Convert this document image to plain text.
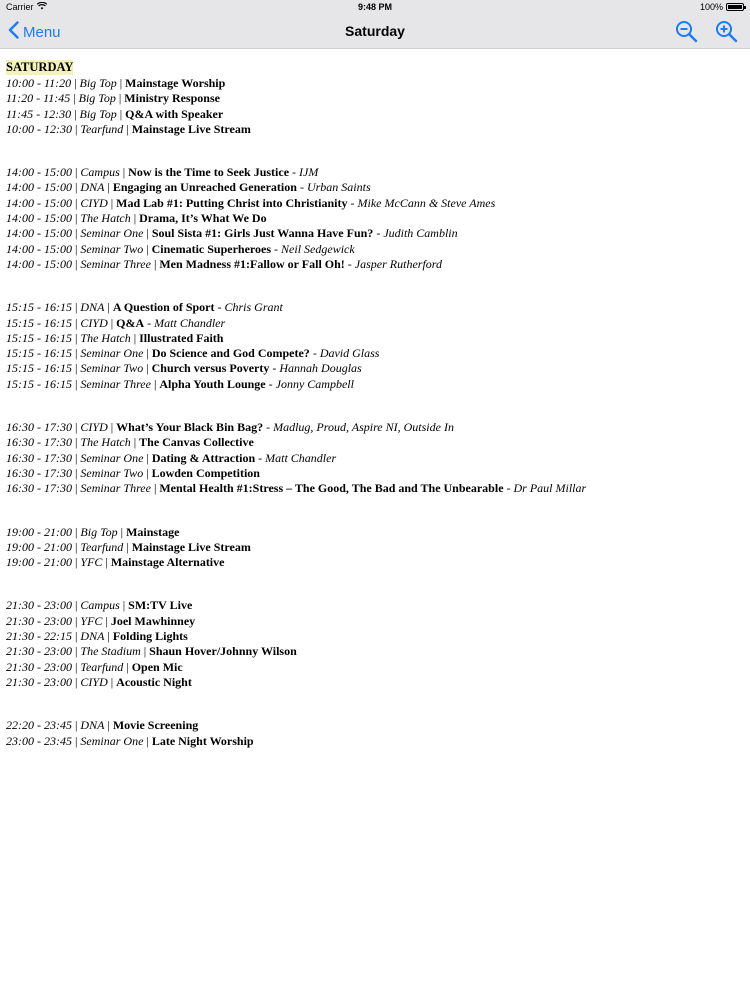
Carrier	9:48 PM	100%
Menu	Saturday
SATURDAY
10:00 - 11:20 | Big Top | Mainstage Worship
11:20 - 11:45 | Big Top | Ministry Response
11:45 - 12:30 | Big Top | Q&A with Speaker
10:00 - 12:30 | Tearfund | Mainstage Live Stream
14:00 - 15:00 | Campus | Now is the Time to Seek Justice - IJM
14:00 - 15:00 | DNA | Engaging an Unreached Generation - Urban Saints
14:00 - 15:00 | CIYD | Mad Lab #1: Putting Christ into Christianity - Mike McCann & Steve Ames
14:00 - 15:00 | The Hatch | Drama, It’s What We Do
14:00 - 15:00 | Seminar One | Soul Sista #1: Girls Just Wanna Have Fun? - Judith Camblin
14:00 - 15:00 | Seminar Two | Cinematic Superheroes - Neil Sedgewick
14:00 - 15:00 | Seminar Three | Men Madness #1:Fallow or Fall Oh! - Jasper Rutherford
15:15 - 16:15 | DNA | A Question of Sport - Chris Grant
15:15 - 16:15 | CIYD | Q&A - Matt Chandler
15:15 - 16:15 | The Hatch | Illustrated Faith
15:15 - 16:15 | Seminar One | Do Science and God Compete? - David Glass
15:15 - 16:15 | Seminar Two | Church versus Poverty - Hannah Douglas
15:15 - 16:15 | Seminar Three | Alpha Youth Lounge - Jonny Campbell
16:30 - 17:30 | CIYD | What’s Your Black Bin Bag? - Madlug, Proud, Aspire NI, Outside In
16:30 - 17:30 | The Hatch | The Canvas Collective
16:30 - 17:30 | Seminar One | Dating & Attraction - Matt Chandler
16:30 - 17:30 | Seminar Two | Lowden Competition
16:30 - 17:30 | Seminar Three | Mental Health #1:Stress – The Good, The Bad and The Unbearable - Dr Paul Millar
19:00 - 21:00 | Big Top | Mainstage
19:00 - 21:00 | Tearfund | Mainstage Live Stream
19:00 - 21:00 | YFC | Mainstage Alternative
21:30 - 23:00 | Campus | SM:TV Live
21:30 - 23:00 | YFC | Joel Mawhinney
21:30 - 22:15 | DNA | Folding Lights
21:30 - 23:00 | The Stadium | Shaun Hover/Johnny Wilson
21:30 - 23:00 | Tearfund | Open Mic
21:30 - 23:00 | CIYD | Acoustic Night
22:20 - 23:45 | DNA | Movie Screening
23:00 - 23:45 | Seminar One | Late Night Worship
